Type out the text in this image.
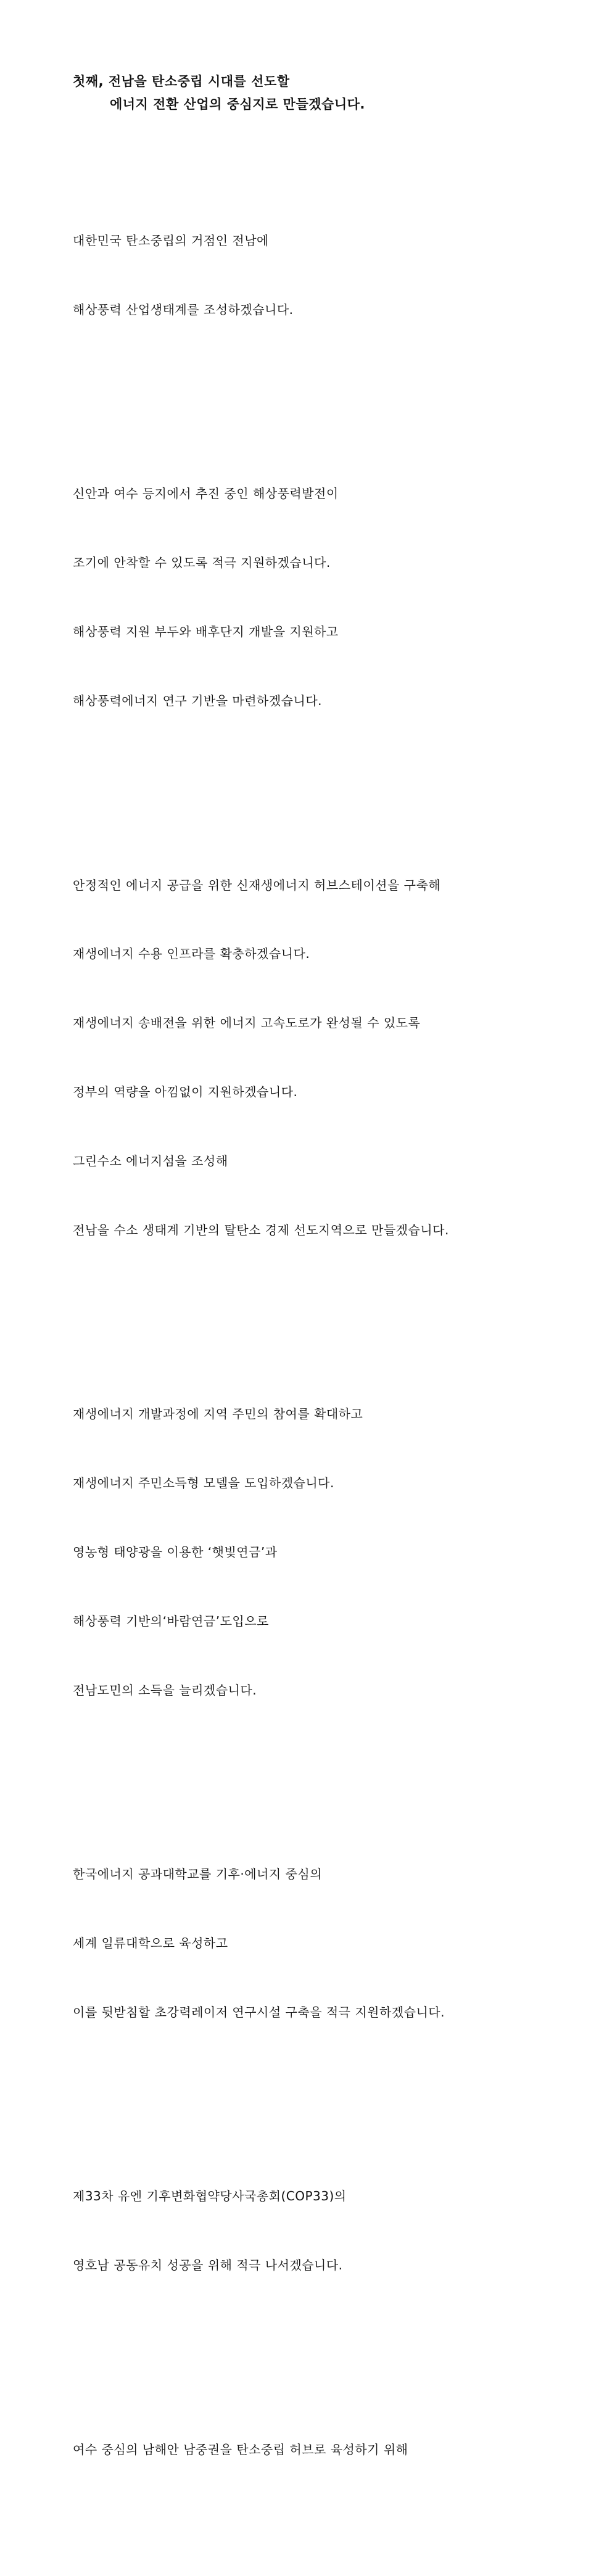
첫째, 전남을 탄소중립 시대를 선도할
에너지 전환 산업의 중심지로 만들겠습니다.

대한민국 탄소중립의 거점인 전남에

해상풍력 산업생태계를 조성하겠습니다.

신안과 여수 등지에서 추진 중인 해상풍력발전이

조기에 안착할 수 있도록 적극 지원하겠습니다.

해상풍력 지원 부두와 배후단지 개발을 지원하고

해상풍력에너지 연구 기반을 마련하겠습니다.

안정적인 에너지 공급을 위한 신재생에너지 허브스테이션을 구축해

재생에너지 수용 인프라를 확충하겠습니다.

재생에너지 송배전을 위한 에너지 고속도로가 완성될 수 있도록

정부의 역량을 아낌없이 지원하겠습니다.

그린수소 에너지섬을 조성해

전남을 수소 생태계 기반의 탈탄소 경제 선도지역으로 만들겠습니다.

재생에너지 개발과정에 지역 주민의 참여를 확대하고

재생에너지 주민소득형 모델을 도입하겠습니다.

영농형 태양광을 이용한 ‘햇빛연금’과

해상풍력 기반의‘바람연금’도입으로

전남도민의 소득을 늘리겠습니다.

한국에너지 공과대학교를 기후·에너지 중심의

세계 일류대학으로 육성하고

이를 뒷받침할 초강력레이저 연구시설 구축을 적극 지원하겠습니다.

제33차 유엔 기후변화협약당사국총회(COP33)의

영호남 공동유치 성공을 위해 적극 나서겠습니다.

여수 중심의 남해안 남중권을 탄소중립 허브로 육성하기 위해
